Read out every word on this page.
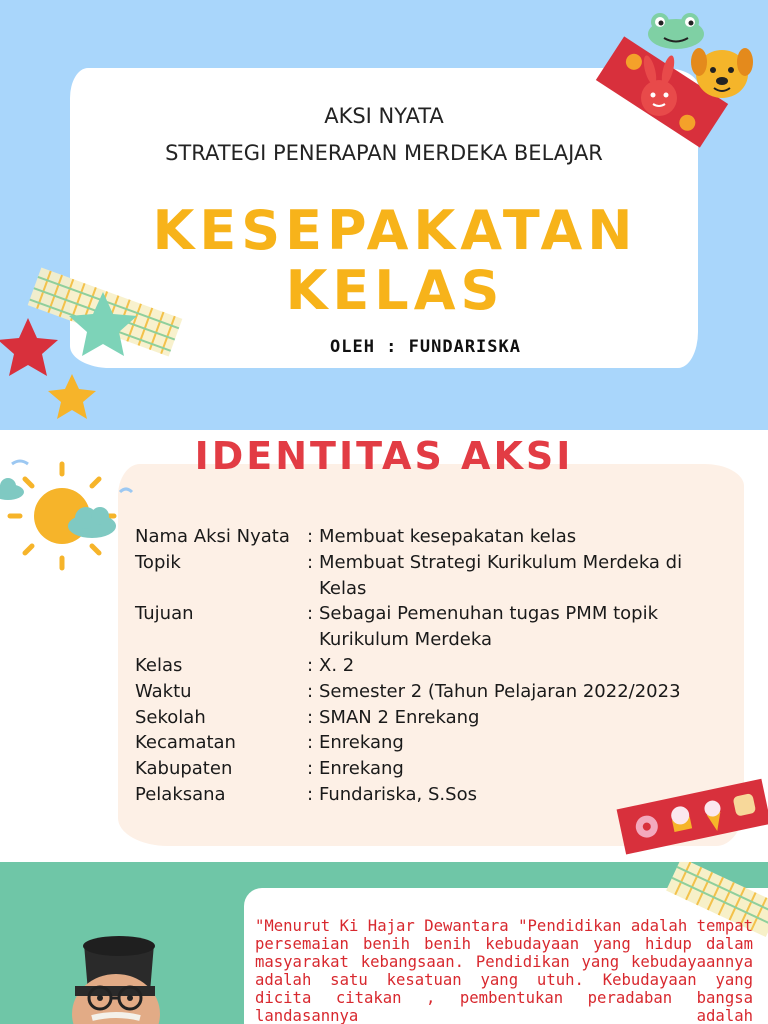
AKSI NYATA
STRATEGI PENERAPAN MERDEKA BELAJAR
KESEPAKATAN
KELAS
OLEH : FUNDARISKA
IDENTITAS AKSI
Nama Aksi Nyata : Membuat kesepakatan kelas
Topik	: Membuat Strategi Kurikulum Merdeka di Kelas
Tujuan	: Sebagai Pemenuhan tugas PMM topik Kurikulum Merdeka
Kelas	: X. 2
Waktu	: Semester 2 (Tahun Pelajaran 2022/2023
Sekolah	: SMAN 2 Enrekang
Kecamatan	: Enrekang
Kabupaten	: Enrekang
Pelaksana	: Fundariska, S.Sos
"Menurut Ki Hajar Dewantara "Pendidikan adalah tempat persemaian benih benih kebudayaan yang hidup dalam masyarakat kebangsaan. Pendidikan yang kebudayaannya adalah satu kesatuan yang utuh. Kebudayaan yang dicita citakan , pembentukan peradaban bangsa landasannya adalah
